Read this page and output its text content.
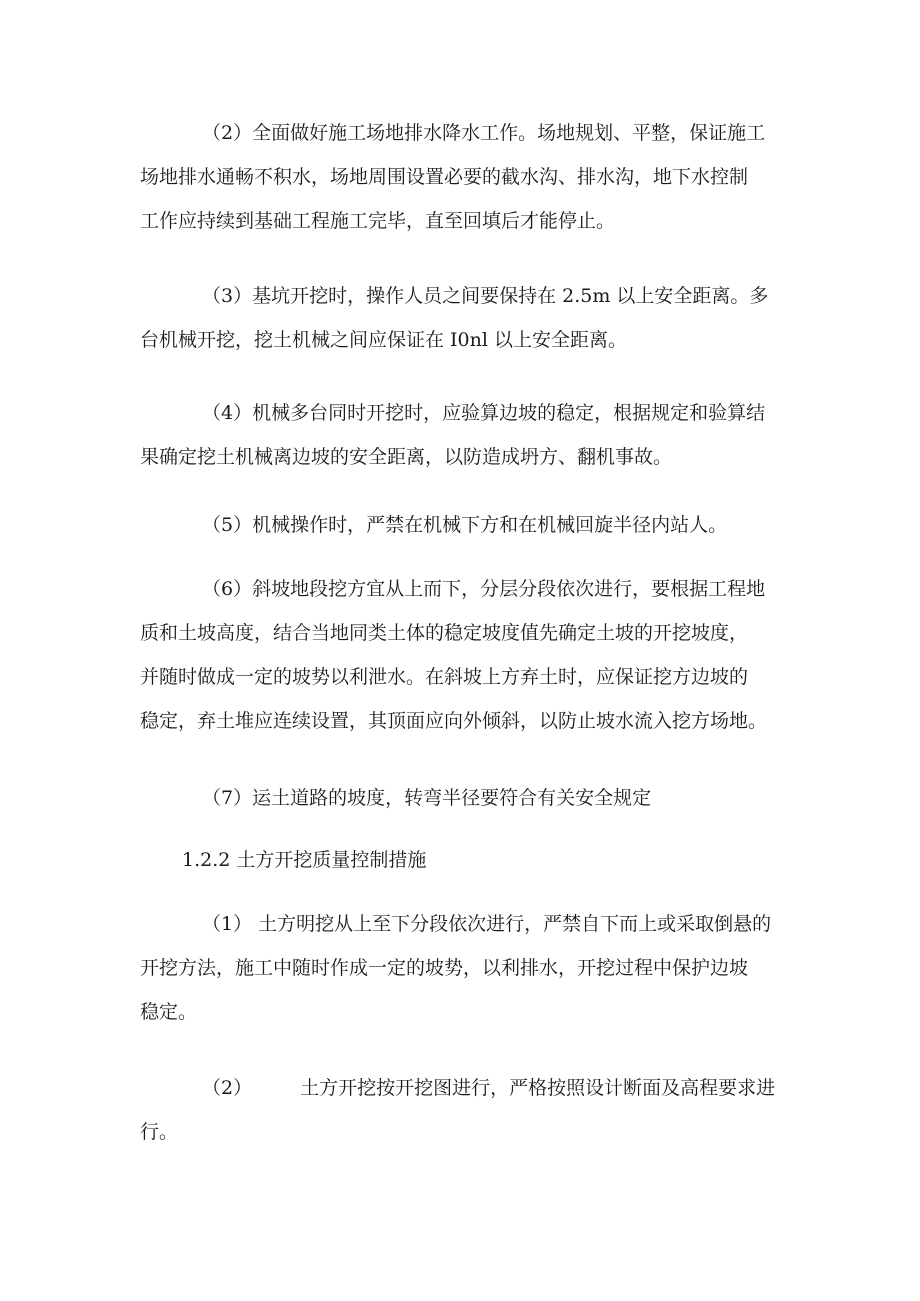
（2）全面做好施工场地排水降水工作。场地规划、平整，保证施工
场地排水通畅不积水，场地周围设置必要的截水沟、排水沟，地下水控制
工作应持续到基础工程施工完毕，直至回填后才能停止。
（3）基坑开挖时，操作人员之间要保持在 2.5m 以上安全距离。多
台机械开挖，挖土机械之间应保证在 I0nl 以上安全距离。
（4）机械多台同时开挖时，应验算边坡的稳定，根据规定和验算结
果确定挖土机械离边坡的安全距离，以防造成坍方、翻机事故。
（5）机械操作时，严禁在机械下方和在机械回旋半径内站人。
（6）斜坡地段挖方宜从上而下，分层分段依次进行，要根据工程地
质和土坡高度，结合当地同类土体的稳定坡度值先确定土坡的开挖坡度，
并随时做成一定的坡势以利泄水。在斜坡上方弃土时，应保证挖方边坡的
稳定，弃土堆应连续设置，其顶面应向外倾斜，以防止坡水流入挖方场地。
（7）运土道路的坡度，转弯半径要符合有关安全规定
1.2.2 土方开挖质量控制措施
（1） 土方明挖从上至下分段依次进行，严禁自下而上或采取倒悬的
开挖方法，施工中随时作成一定的坡势，以利排水，开挖过程中保护边坡
稳定。
（2）	土方开挖按开挖图进行，严格按照设计断面及高程要求进
行。
